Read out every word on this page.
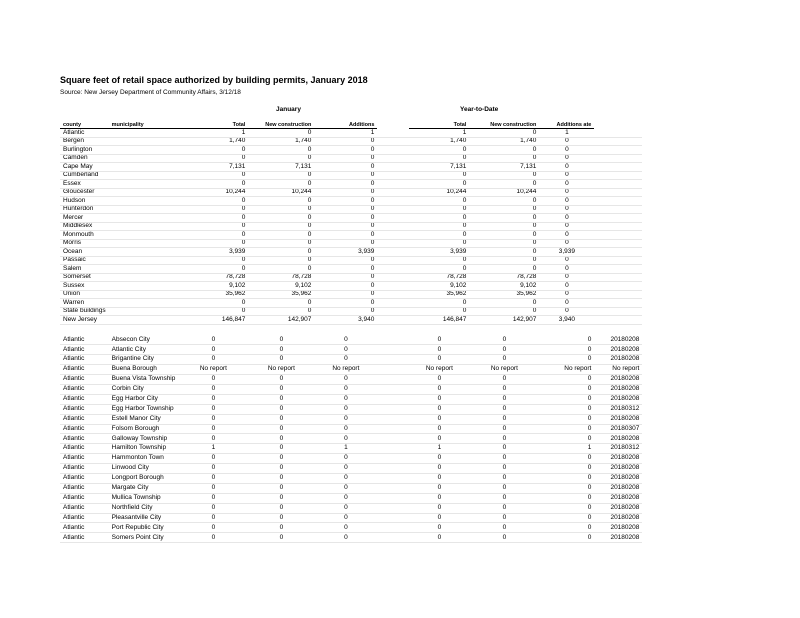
Square feet of retail space authorized by building permits, January 2018
Source: New Jersey Department of Community Affairs, 3/12/18
January	Year-to-Date
county	municipality	Total	New construction	Additions		Total	New construction	Additions ate	
Atlantic		1	0	1		1	0	1	
Bergen		1,740	1,740	0		1,740	1,740	0	
Burlington		0	0	0		0	0	0	
Camden		0	0	0		0	0	0	
Cape May		7,131	7,131	0		7,131	7,131	0	
Cumberland		0	0	0		0	0	0	
Essex		0	0	0		0	0	0	
Gloucester		10,244	10,244	0		10,244	10,244	0	
Hudson		0	0	0		0	0	0	
Hunterdon		0	0	0		0	0	0	
Mercer		0	0	0		0	0	0	
Middlesex		0	0	0		0	0	0	
Monmouth		0	0	0		0	0	0	
Morris		0	0	0		0	0	0	
Ocean		3,939	0	3,939		3,939	0	3,939	
Passaic		0	0	0		0	0	0	
Salem		0	0	0		0	0	0	
Somerset		78,728	78,728	0		78,728	78,728	0	
Sussex		9,102	9,102	0		9,102	9,102	0	
Union		35,962	35,962	0		35,962	35,962	0	
Warren		0	0	0		0	0	0	
State buildings		0	0	0		0	0	0	
New Jersey		146,847	142,907	3,940		146,847	142,907	3,940	

Atlantic	Absecon City	0	0	0		0	0	0	20180208
Atlantic	Atlantic City	0	0	0		0	0	0	20180208
Atlantic	Brigantine City	0	0	0		0	0	0	20180208
Atlantic	Buena Borough	No report	No report	No report		No report	No report	No report	No report
Atlantic	Buena Vista Township	0	0	0		0	0	0	20180208
Atlantic	Corbin City	0	0	0		0	0	0	20180208
Atlantic	Egg Harbor City	0	0	0		0	0	0	20180208
Atlantic	Egg Harbor Township	0	0	0		0	0	0	20180312
Atlantic	Estell Manor City	0	0	0		0	0	0	20180208
Atlantic	Folsom Borough	0	0	0		0	0	0	20180307
Atlantic	Galloway Township	0	0	0		0	0	0	20180208
Atlantic	Hamilton Township	1	0	1		1	0	1	20180312
Atlantic	Hammonton Town	0	0	0		0	0	0	20180208
Atlantic	Linwood City	0	0	0		0	0	0	20180208
Atlantic	Longport Borough	0	0	0		0	0	0	20180208
Atlantic	Margate City	0	0	0		0	0	0	20180208
Atlantic	Mullica Township	0	0	0		0	0	0	20180208
Atlantic	Northfield City	0	0	0		0	0	0	20180208
Atlantic	Pleasantville City	0	0	0		0	0	0	20180208
Atlantic	Port Republic City	0	0	0		0	0	0	20180208
Atlantic	Somers Point City	0	0	0		0	0	0	20180208
